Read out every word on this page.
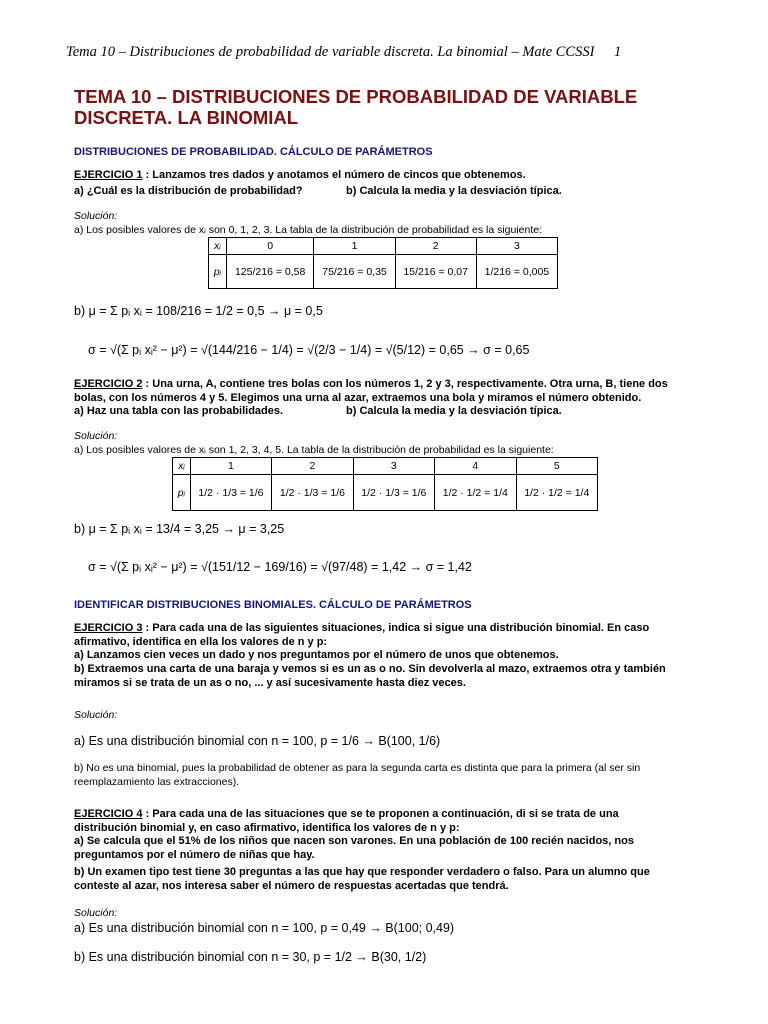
Tema 10 – Distribuciones de probabilidad de variable discreta. La binomial – Mate CCSSI	1
TEMA 10 – DISTRIBUCIONES DE PROBABILIDAD DE VARIABLE DISCRETA. LA BINOMIAL
DISTRIBUCIONES DE PROBABILIDAD. CÁLCULO DE PARÁMETROS
EJERCICIO 1 : Lanzamos tres dados y anotamos el número de cincos que obtenemos.
a) ¿Cuál es la distribución de probabilidad?	b) Calcula la media y la desviación típica.
Solución:
a) Los posibles valores de xᵢ son 0, 1, 2, 3. La tabla de la distribución de probabilidad es la siguiente:
xᵢ	0	1	2	3
pᵢ	125/216 = 0,58	75/216 = 0,35	15/216 = 0,07	1/216 = 0,005
b) μ = Σ pᵢ xᵢ = 108/216 = 1/2 = 0,5 → μ = 0,5
σ = √(Σ pᵢ xᵢ² − μ²) = √(144/216 − 1/4) = √(2/3 − 1/4) = √(5/12) = 0,65 → σ = 0,65
EJERCICIO 2 : Una urna, A, contiene tres bolas con los números 1, 2 y 3, respectivamente. Otra urna, B, tiene dos bolas, con los números 4 y 5. Elegimos una urna al azar, extraemos una bola y miramos el número obtenido.
a) Haz una tabla con las probabilidades.	b) Calcula la media y la desviación típica.
Solución:
a) Los posibles valores de xᵢ son 1, 2, 3, 4, 5. La tabla de la distribución de probabilidad es la siguiente:
xᵢ	1	2	3	4	5
pᵢ	1/2 · 1/3 = 1/6	1/2 · 1/3 = 1/6	1/2 · 1/3 = 1/6	1/2 · 1/2 = 1/4	1/2 · 1/2 = 1/4
b) μ = Σ pᵢ xᵢ = 13/4 = 3,25 → μ = 3,25
σ = √(Σ pᵢ xᵢ² − μ²) = √(151/12 − 169/16) = √(97/48) = 1,42 → σ = 1,42
IDENTIFICAR DISTRIBUCIONES BINOMIALES. CÁLCULO DE PARÁMETROS
EJERCICIO 3 : Para cada una de las siguientes situaciones, indica si sigue una distribución binomial. En caso afirmativo, identifica en ella los valores de n y p:
a) Lanzamos cien veces un dado y nos preguntamos por el número de unos que obtenemos.
b) Extraemos una carta de una baraja y vemos si es un as o no. Sin devolverla al mazo, extraemos otra y también miramos si se trata de un as o no, ... y así sucesivamente hasta diez veces.
Solución:
a) Es una distribución binomial con n = 100, p = 1/6 → B(100, 1/6)
b) No es una binomial, pues la probabilidad de obtener as para la segunda carta es distinta que para la primera (al ser sin reemplazamiento las extracciones).
EJERCICIO 4 : Para cada una de las situaciones que se te proponen a continuación, di si se trata de una distribución binomial y, en caso afirmativo, identifica los valores de n y p:
a) Se calcula que el 51% de los niños que nacen son varones. En una población de 100 recién nacidos, nos preguntamos por el número de niñas que hay.
b) Un examen tipo test tiene 30 preguntas a las que hay que responder verdadero o falso. Para un alumno que conteste al azar, nos interesa saber el número de respuestas acertadas que tendrá.
Solución:
a) Es una distribución binomial con n = 100, p = 0,49 → B(100; 0,49)
b) Es una distribución binomial con n = 30, p = 1/2 → B(30, 1/2)
